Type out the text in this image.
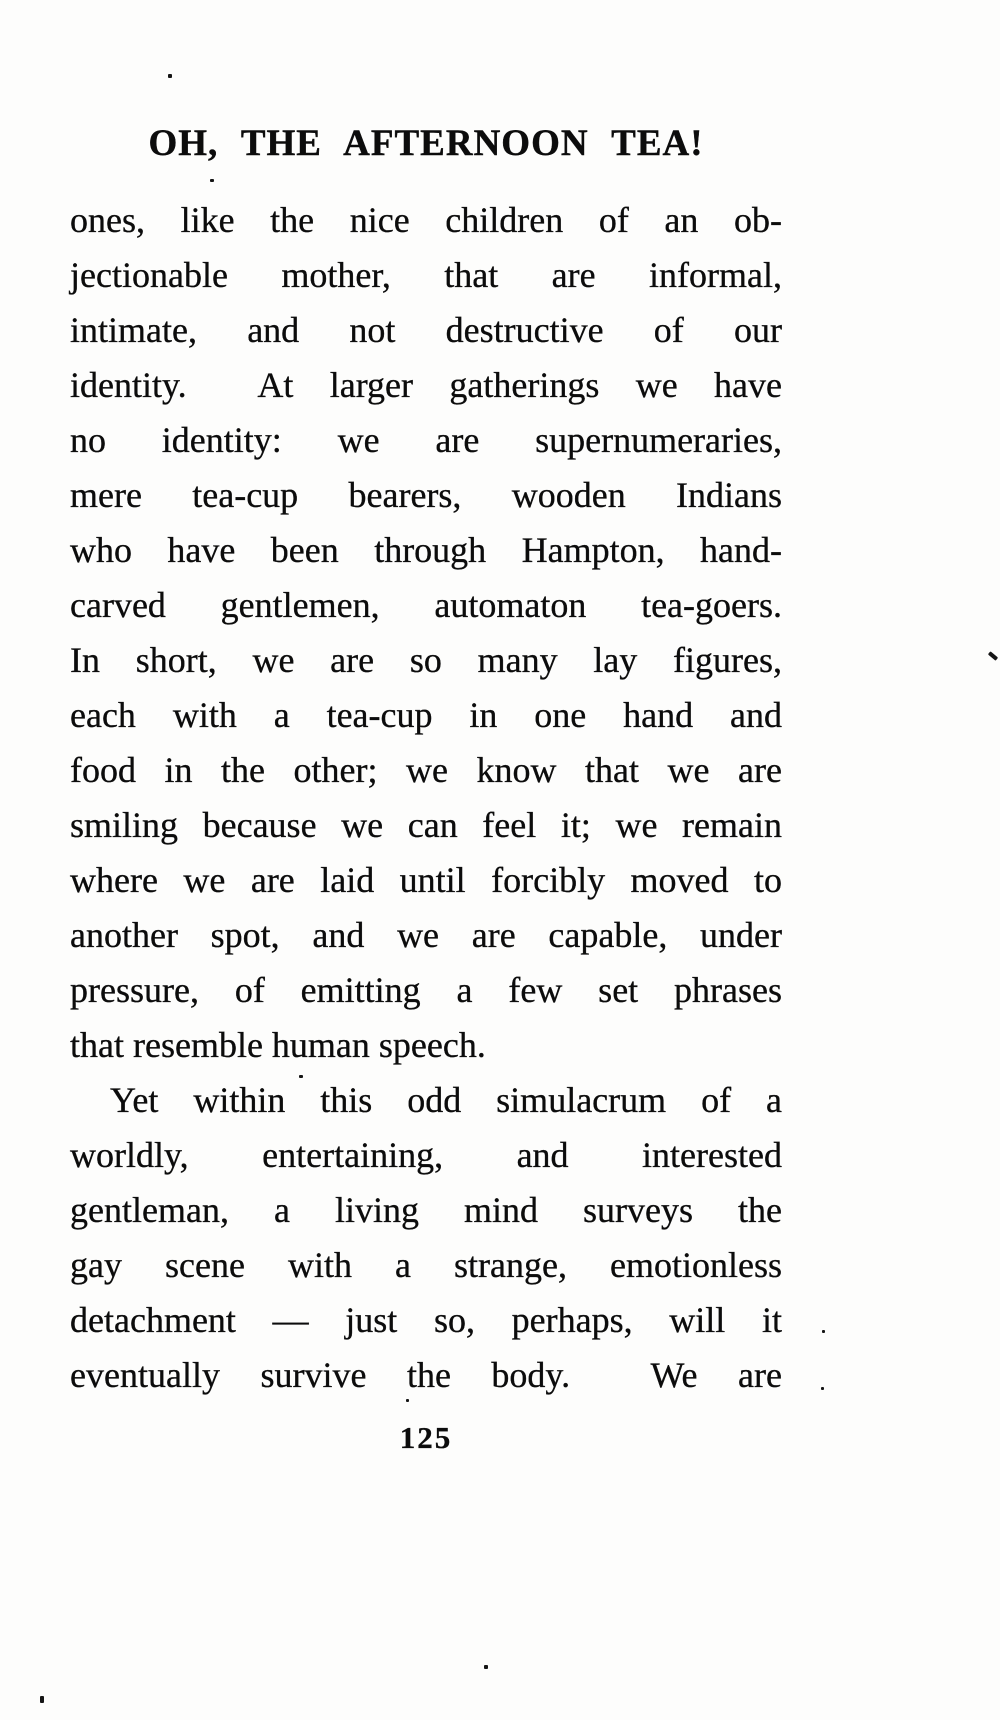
OH, THE AFTERNOON TEA!
ones, like the nice children of an ob-
jectionable mother, that are informal,
intimate, and not destructive of our
identity.  At larger gatherings we have
no identity: we are supernumeraries,
mere tea-cup bearers, wooden Indians
who have been through Hampton, hand-
carved gentlemen, automaton tea-goers.
In short, we are so many lay figures,
each with a tea-cup in one hand and
food in the other; we know that we are
smiling because we can feel it; we remain
where we are laid until forcibly moved to
another spot, and we are capable, under
pressure, of emitting a few set phrases
that resemble human speech.
Yet within this odd simulacrum of a
worldly, entertaining, and interested
gentleman, a living mind surveys the
gay scene with a strange, emotionless
detachment — just so, perhaps, will it
eventually survive the body.  We are
125
